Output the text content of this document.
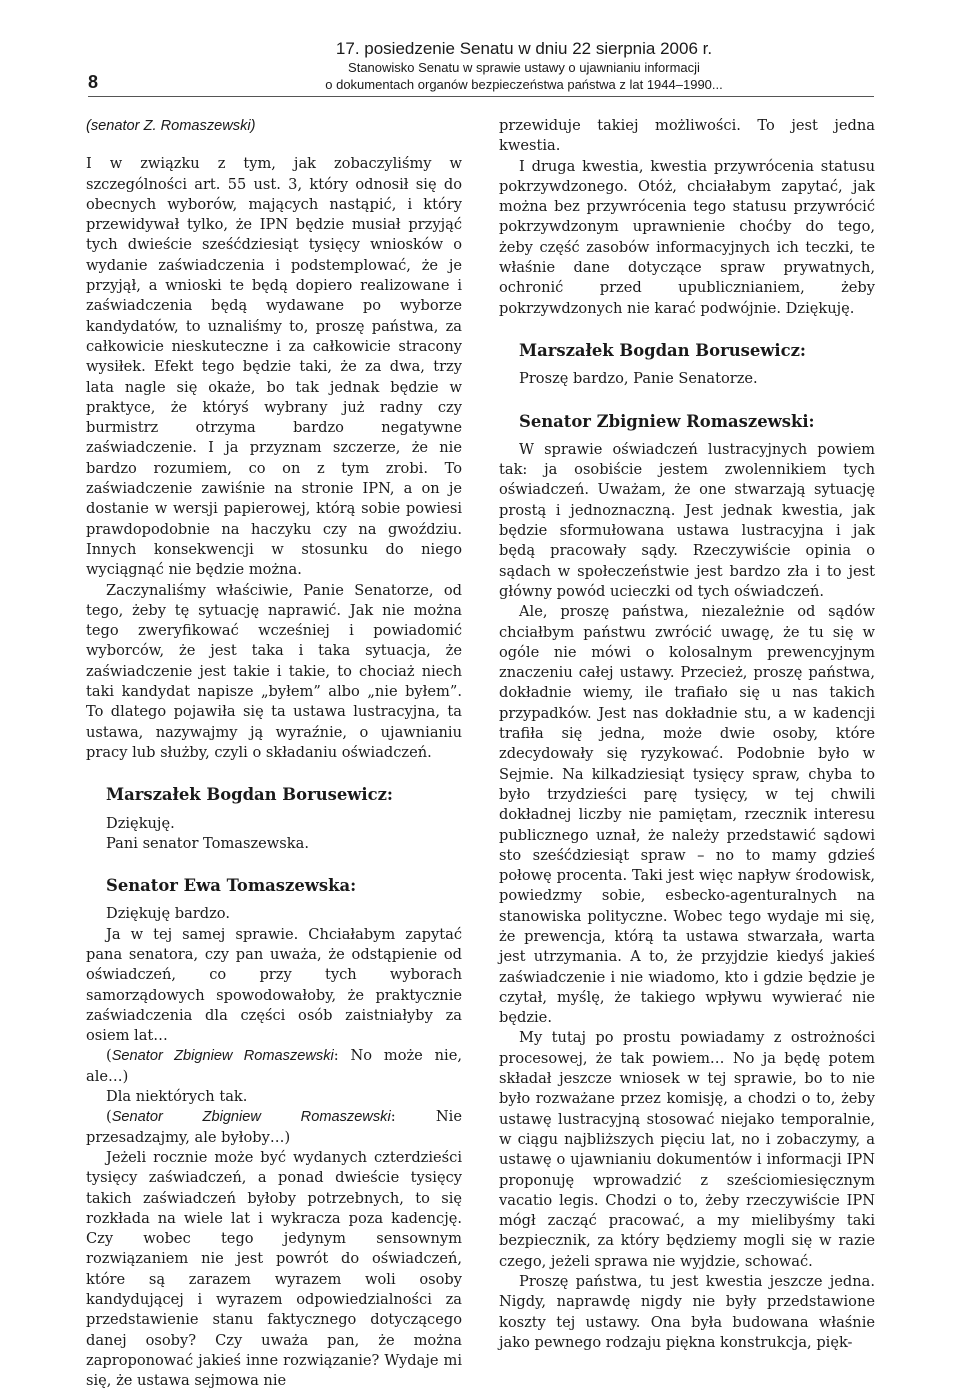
8
17. posiedzenie Senatu w dniu 22 sierpnia 2006 r.
Stanowisko Senatu w sprawie ustawy o ujawnianiu informacji
o dokumentach organów bezpieczeństwa państwa z lat 1944–1990...
(senator Z. Romaszewski)

I w związku z tym, jak zobaczyliśmy w szczególności art. 55 ust. 3, który odnosił się do obecnych wyborów, mających nastąpić, i który przewidywał tylko, że IPN będzie musiał przyjąć tych dwieście sześćdziesiąt tysięcy wniosków o wydanie zaświadczenia i podstemplować, że je przyjął, a wnioski te będą dopiero realizowane i zaświadczenia będą wydawane po wyborze kandydatów, to uznaliśmy to, proszę państwa, za całkowicie nieskuteczne i za całkowicie stracony wysiłek. Efekt tego będzie taki, że za dwa, trzy lata nagle się okaże, bo tak jednak będzie w praktyce, że któryś wybrany już radny czy burmistrz otrzyma bardzo negatywne zaświadczenie. I ja przyznam szczerze, że nie bardzo rozumiem, co on z tym zrobi. To zaświadczenie zawiśnie na stronie IPN, a on je dostanie w wersji papierowej, którą sobie powiesi prawdopodobnie na haczyku czy na gwoździu. Innych konsekwencji w stosunku do niego wyciągnąć nie będzie można.

Zaczynaliśmy właściwie, Panie Senatorze, od tego, żeby tę sytuację naprawić. Jak nie można tego zweryfikować wcześniej i powiadomić wyborców, że jest taka i taka sytuacja, że zaświadczenie jest takie i takie, to chociaż niech taki kandydat napisze „byłem” albo „nie byłem”. To dlatego pojawiła się ta ustawa lustracyjna, ta ustawa, nazywajmy ją wyraźnie, o ujawnianiu pracy lub służby, czyli o składaniu oświadczeń.

Marszałek Bogdan Borusewicz:

Dziękuję.

Pani senator Tomaszewska.

Senator Ewa Tomaszewska:

Dziękuję bardzo.

Ja w tej samej sprawie. Chciałabym zapytać pana senatora, czy pan uważa, że odstąpienie od oświadczeń, co przy tych wyborach samorządowych spowodowałoby, że praktycznie zaświadczenia dla części osób zaistniałyby za osiem lat…

(Senator Zbigniew Romaszewski: No może nie, ale…)

Dla niektórych tak.

(Senator Zbigniew Romaszewski: Nie przesadzajmy, ale byłoby…)

Jeżeli rocznie może być wydanych czterdzieści tysięcy zaświadczeń, a ponad dwieście tysięcy takich zaświadczeń byłoby potrzebnych, to się rozkłada na wiele lat i wykracza poza kadencję. Czy wobec tego jedynym sensownym rozwiązaniem nie jest powrót do oświadczeń, które są zarazem wyrazem woli osoby kandydującej i wyrazem odpowiedzialności za przedstawienie stanu faktycznego dotyczącego danej osoby? Czy uważa pan, że można zaproponować jakieś inne rozwiązanie? Wydaje mi się, że ustawa sejmowa nie

przewiduje takiej możliwości. To jest jedna kwestia.

I druga kwestia, kwestia przywrócenia statusu pokrzywdzonego. Otóż, chciałabym zapytać, jak można bez przywrócenia tego statusu przywrócić pokrzywdzonym uprawnienie choćby do tego, żeby część zasobów informacyjnych ich teczki, te właśnie dane dotyczące spraw prywatnych, ochronić przed upublicznianiem, żeby pokrzywdzonych nie karać podwójnie. Dziękuję.

Marszałek Bogdan Borusewicz:

Proszę bardzo, Panie Senatorze.

Senator Zbigniew Romaszewski:

W sprawie oświadczeń lustracyjnych powiem tak: ja osobiście jestem zwolennikiem tych oświadczeń. Uważam, że one stwarzają sytuację prostą i jednoznaczną. Jest jednak kwestia, jak będzie sformułowana ustawa lustracyjna i jak będą pracowały sądy. Rzeczywiście opinia o sądach w społeczeństwie jest bardzo zła i to jest główny powód ucieczki od tych oświadczeń.

Ale, proszę państwa, niezależnie od sądów chciałbym państwu zwrócić uwagę, że tu się w ogóle nie mówi o kolosalnym prewencyjnym znaczeniu całej ustawy. Przecież, proszę państwa, dokładnie wiemy, ile trafiało się u nas takich przypadków. Jest nas dokładnie stu, a w kadencji trafiła się jedna, może dwie osoby, które zdecydowały się ryzykować. Podobnie było w Sejmie. Na kilkadziesiąt tysięcy spraw, chyba to było trzydzieści parę tysięcy, w tej chwili dokładnej liczby nie pamiętam, rzecznik interesu publicznego uznał, że należy przedstawić sądowi sto sześćdziesiąt spraw – no to mamy gdzieś połowę procenta. Taki jest więc napływ środowisk, powiedzmy sobie, esbecko-agenturalnych na stanowiska polityczne. Wobec tego wydaje mi się, że prewencja, którą ta ustawa stwarzała, warta jest utrzymania. A to, że przyjdzie kiedyś jakieś zaświadczenie i nie wiadomo, kto i gdzie będzie je czytał, myślę, że takiego wpływu wywierać nie będzie.

My tutaj po prostu powiadamy z ostrożności procesowej, że tak powiem… No ja będę potem składał jeszcze wniosek w tej sprawie, bo to nie było rozważane przez komisję, a chodzi o to, żeby ustawę lustracyjną stosować niejako temporalnie, w ciągu najbliższych pięciu lat, no i zobaczymy, a ustawę o ujawnianiu dokumentów i informacji IPN proponuję wprowadzić z sześciomiesięcznym vacatio legis. Chodzi o to, żeby rzeczywiście IPN mógł zacząć pracować, a my mielibyśmy taki bezpiecznik, za który będziemy mogli się w razie czego, jeżeli sprawa nie wyjdzie, schować.

Proszę państwa, tu jest kwestia jeszcze jedna. Nigdy, naprawdę nigdy nie były przedstawione koszty tej ustawy. Ona była budowana właśnie jako pewnego rodzaju piękna konstrukcja, pięk-
